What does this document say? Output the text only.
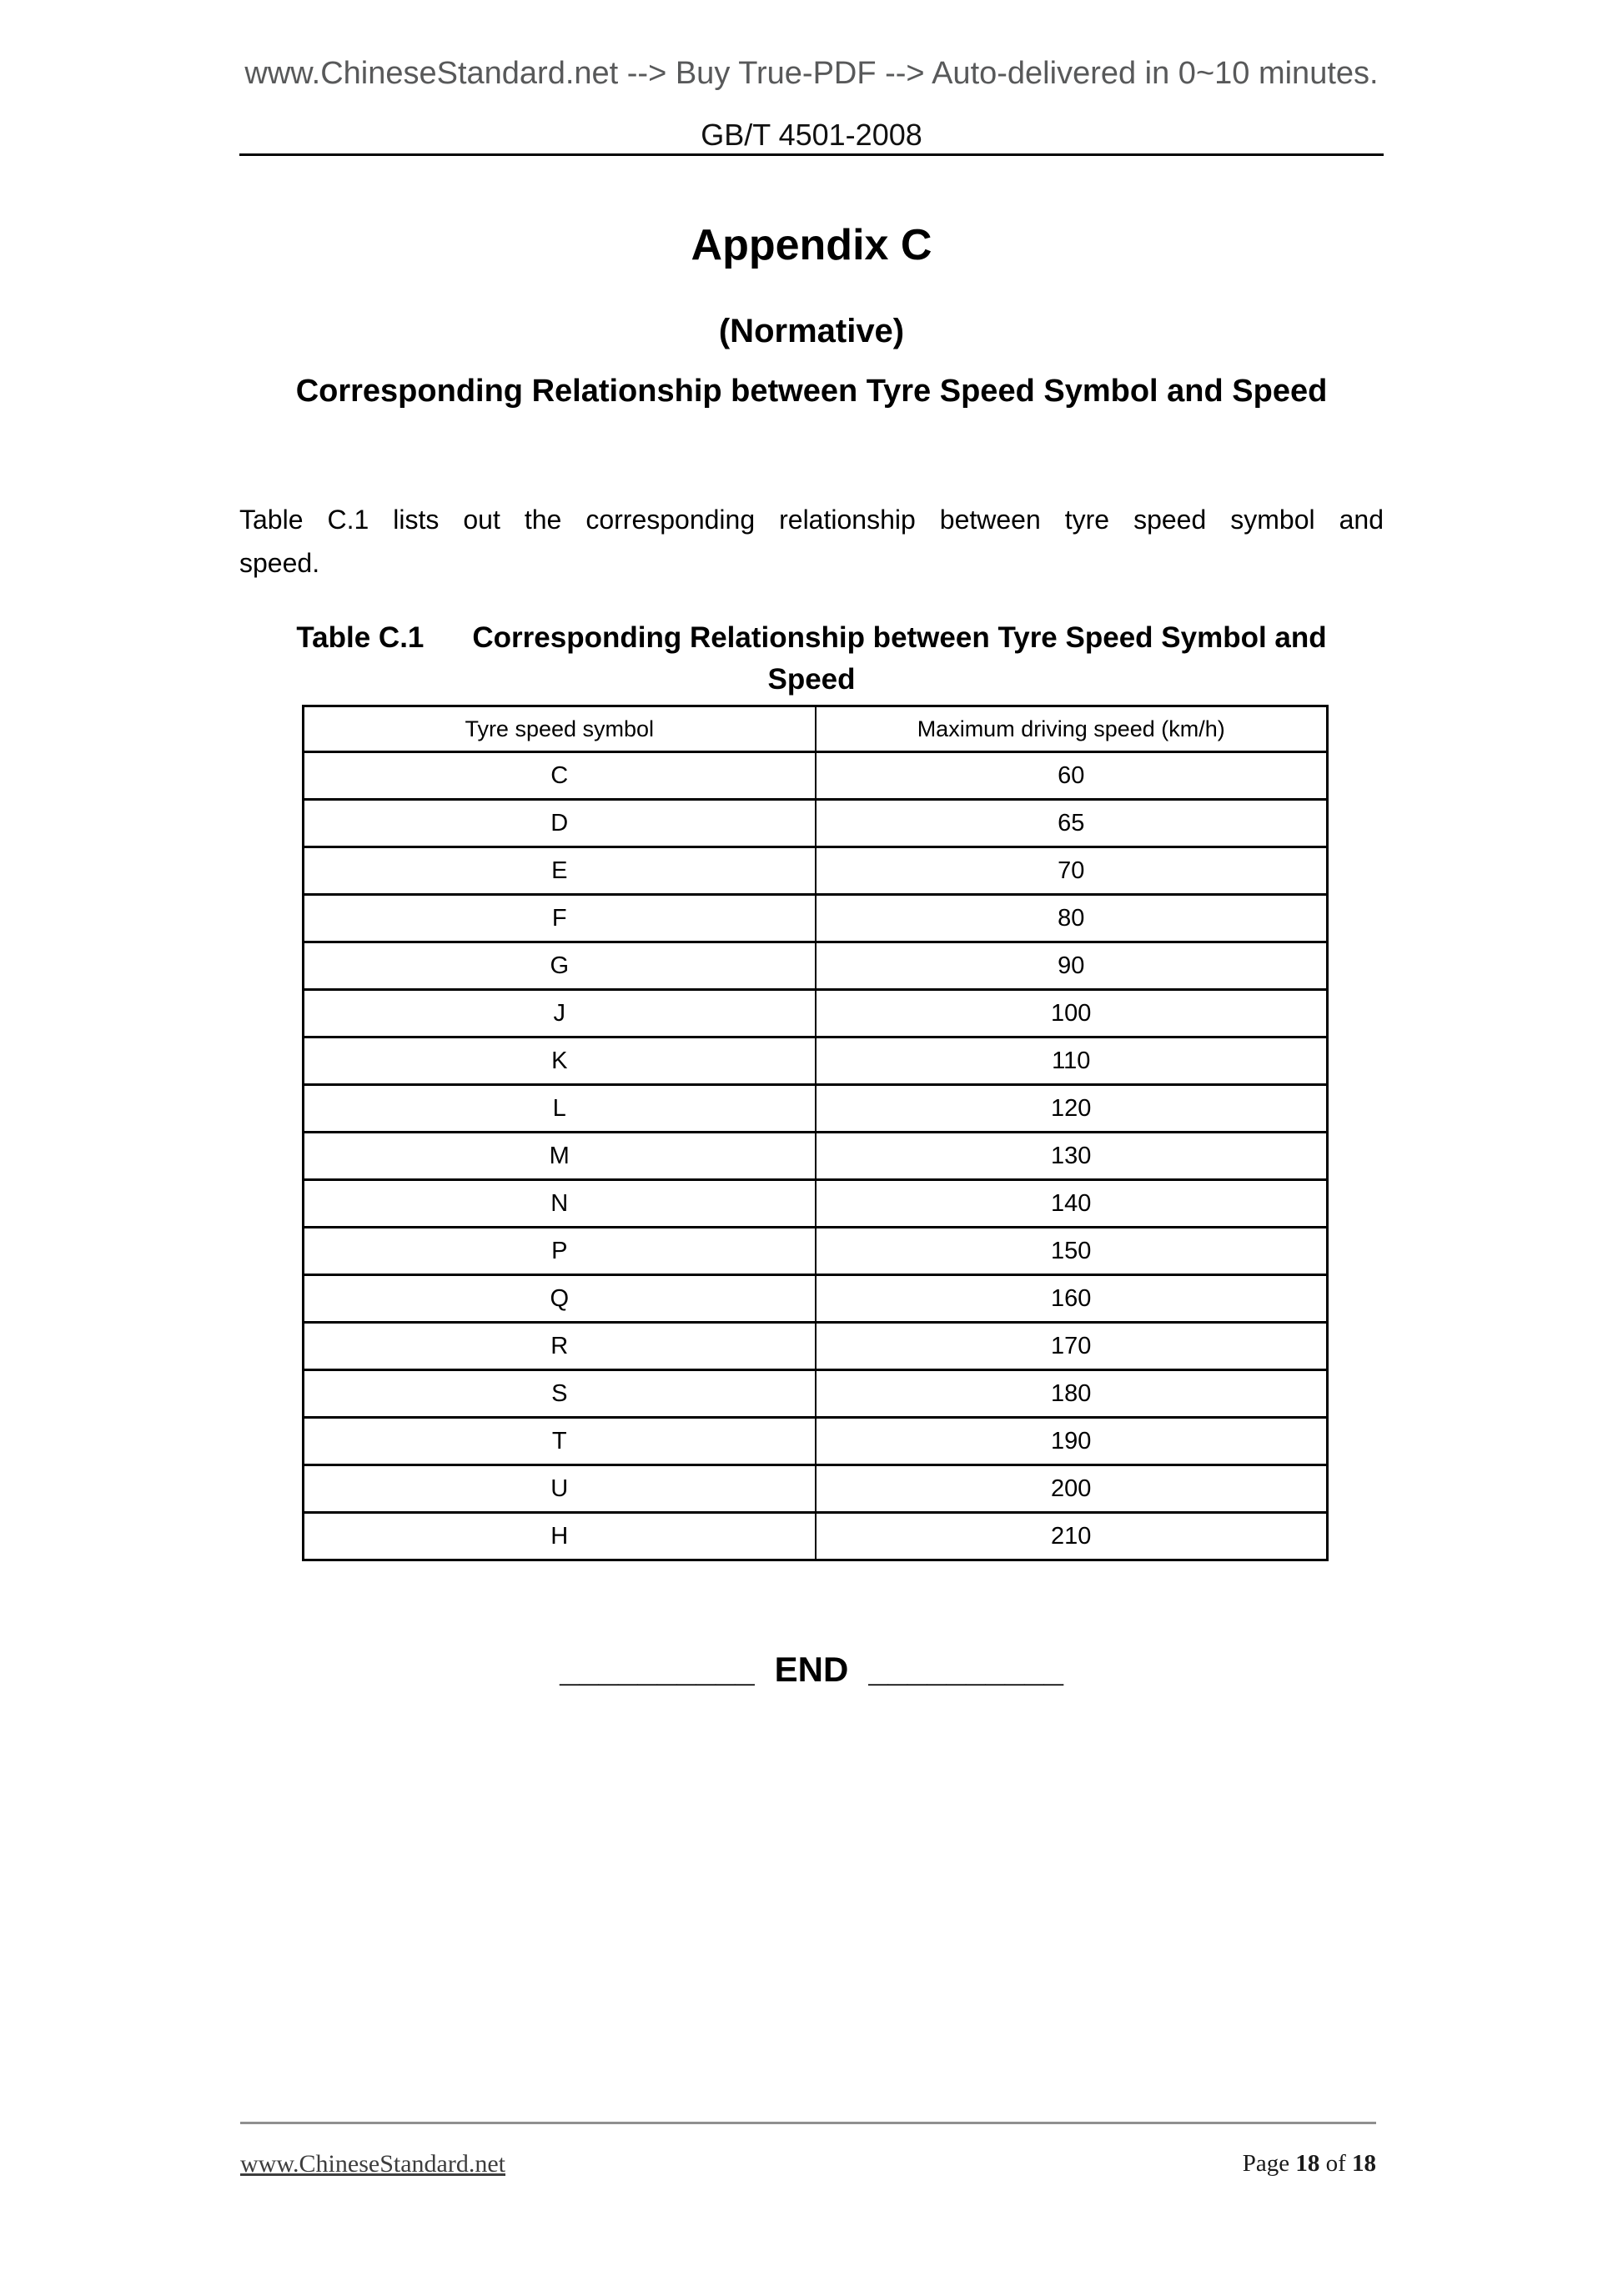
www.ChineseStandard.net --> Buy True-PDF --> Auto-delivered in 0~10 minutes.
GB/T 4501-2008
Appendix C
(Normative)
Corresponding Relationship between Tyre Speed Symbol and Speed
Table C.1 lists out the corresponding relationship between tyre speed symbol and
speed.
Table C.1 Corresponding Relationship between Tyre Speed Symbol and
Speed
Tyre speed symbol	Maximum driving speed (km/h)
C	60
D	65
E	70
F	80
G	90
J	100
K	110
L	120
M	130
N	140
P	150
Q	160
R	170
S	180
T	190
U	200
H	210
__________ END __________
www.ChineseStandard.net	Page 18 of 18
